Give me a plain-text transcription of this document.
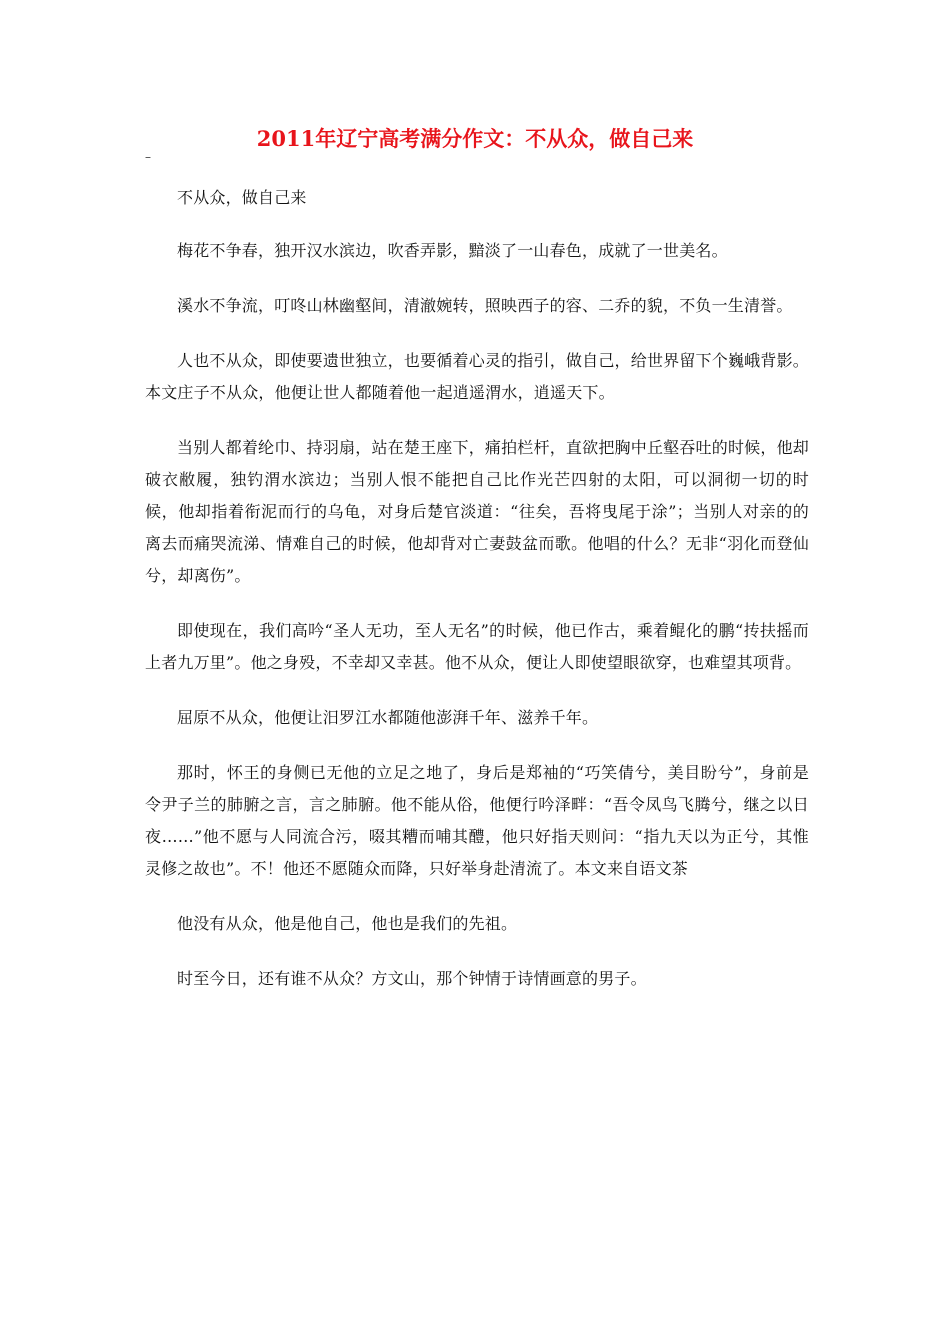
2011年辽宁高考满分作文：不从众，做自己来
–

不从众，做自己来

梅花不争春，独开汉水滨边，吹香弄影，黯淡了一山春色，成就了一世美名。

溪水不争流，叮咚山林幽壑间，清澈婉转，照映西子的容、二乔的貌，不负一生清誉。

人也不从众，即使要遗世独立，也要循着心灵的指引，做自己，给世界留下个巍峨背影。本文庄子不从众，他便让世人都随着他一起逍遥渭水，逍遥天下。

当别人都着纶巾、持羽扇，站在楚王座下，痛拍栏杆，直欲把胸中丘壑吞吐的时候，他却破衣敝履，独钓渭水滨边；当别人恨不能把自己比作光芒四射的太阳，可以洞彻一切的时候，他却指着衔泥而行的乌龟，对身后楚官淡道：“往矣，吾将曳尾于涂”；当别人对亲的的离去而痛哭流涕、情难自己的时候，他却背对亡妻鼓盆而歌。他唱的什么？无非“羽化而登仙兮，却离伤”。

即使现在，我们高吟“圣人无功，至人无名”的时候，他已作古，乘着鲲化的鹏“抟扶摇而上者九万里”。他之身殁，不幸却又幸甚。他不从众，便让人即使望眼欲穿，也难望其项背。

屈原不从众，他便让汨罗江水都随他澎湃千年、滋养千年。

那时，怀王的身侧已无他的立足之地了，身后是郑袖的“巧笑倩兮，美目盼兮”，身前是令尹子兰的肺腑之言，言之肺腑。他不能从俗，他便行吟泽畔：“吾令凤鸟飞腾兮，继之以日夜……”他不愿与人同流合污，啜其糟而哺其醴，他只好指天则问：“指九天以为正兮，其惟灵修之故也”。不！他还不愿随众而降，只好举身赴清流了。本文来自语文茶

他没有从众，他是他自己，他也是我们的先祖。

时至今日，还有谁不从众？方文山，那个钟情于诗情画意的男子。
